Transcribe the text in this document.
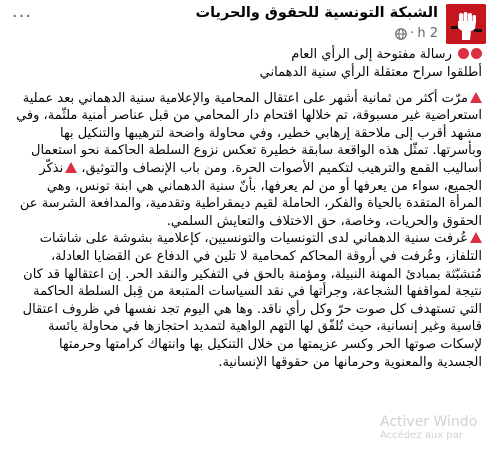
الشبكة التونسية للحقوق والحريات
2 h
·
···

رسالة مفتوحة إلى الرأي العام

أطلقوا سراح معتقلة الرأي سنية الدهماني

مرّت أكثر من ثمانية أشهر على اعتقال المحامية والإعلامية سنية الدهماني بعد عملية استعراضية غير مسبوقة، تم خلالها اقتحام دار المحامي من قبل عناصر أمنية ملثّمة، وفي مشهد أقرب إلى ملاحقة إرهابي خطير، وفي محاولة واضحة لترهيبها والتنكيل بها وبأسرتها. تمثّل هذه الواقعة سابقة خطيرة تعكس نزوع السلطة الحاكمة نحو استعمال أساليب القمع والترهيب لتكميم الأصوات الحرة. ومن باب الإنصاف والتوثيق، نذكّر الجميع، سواء من يعرفها أو من لم يعرفها، بأنّ سنية الدهماني هي ابنة تونس، وهي المرأة المتقدة بالحياة والفكر، الحاملة لقيم ديمقراطية وتقدمية، والمدافعة الشرسة عن الحقوق والحريات، وخاصة، حق الاختلاف والتعايش السلمي.

عُرفت سنية الدهماني لدى التونسيات والتونسيين، كإعلامية بشوشة على شاشات التلفاز، وعُرفت في أروقة المحاكم كمحامية لا تلين في الدفاع عن القضايا العادلة، مُتشبّثة بمبادئ المهنة النبيلة، ومؤمنة بالحق في التفكير والنقد الحر. إن اعتقالها قد كان نتيجة لمواقفها الشجاعة، وجرأتها في نقد السياسات المتبعة من قِبل السلطة الحاكمة التي تستهدف كل صوت حرّ وكل رأي ناقد. وها هي اليوم تجد نفسها في ظروف اعتقال قاسية وغير إنسانية، حيث تُلفّق لها التهم الواهية لتمديد احتجازها في محاولة يائسة لإسكات صوتها الحر وكسر عزيمتها من خلال التنكيل بها وانتهاك كرامتها وحرمتها الجسدية والمعنوية وحرمانها من حقوقها الإنسانية.

Activer Windo
Accédez aux par
